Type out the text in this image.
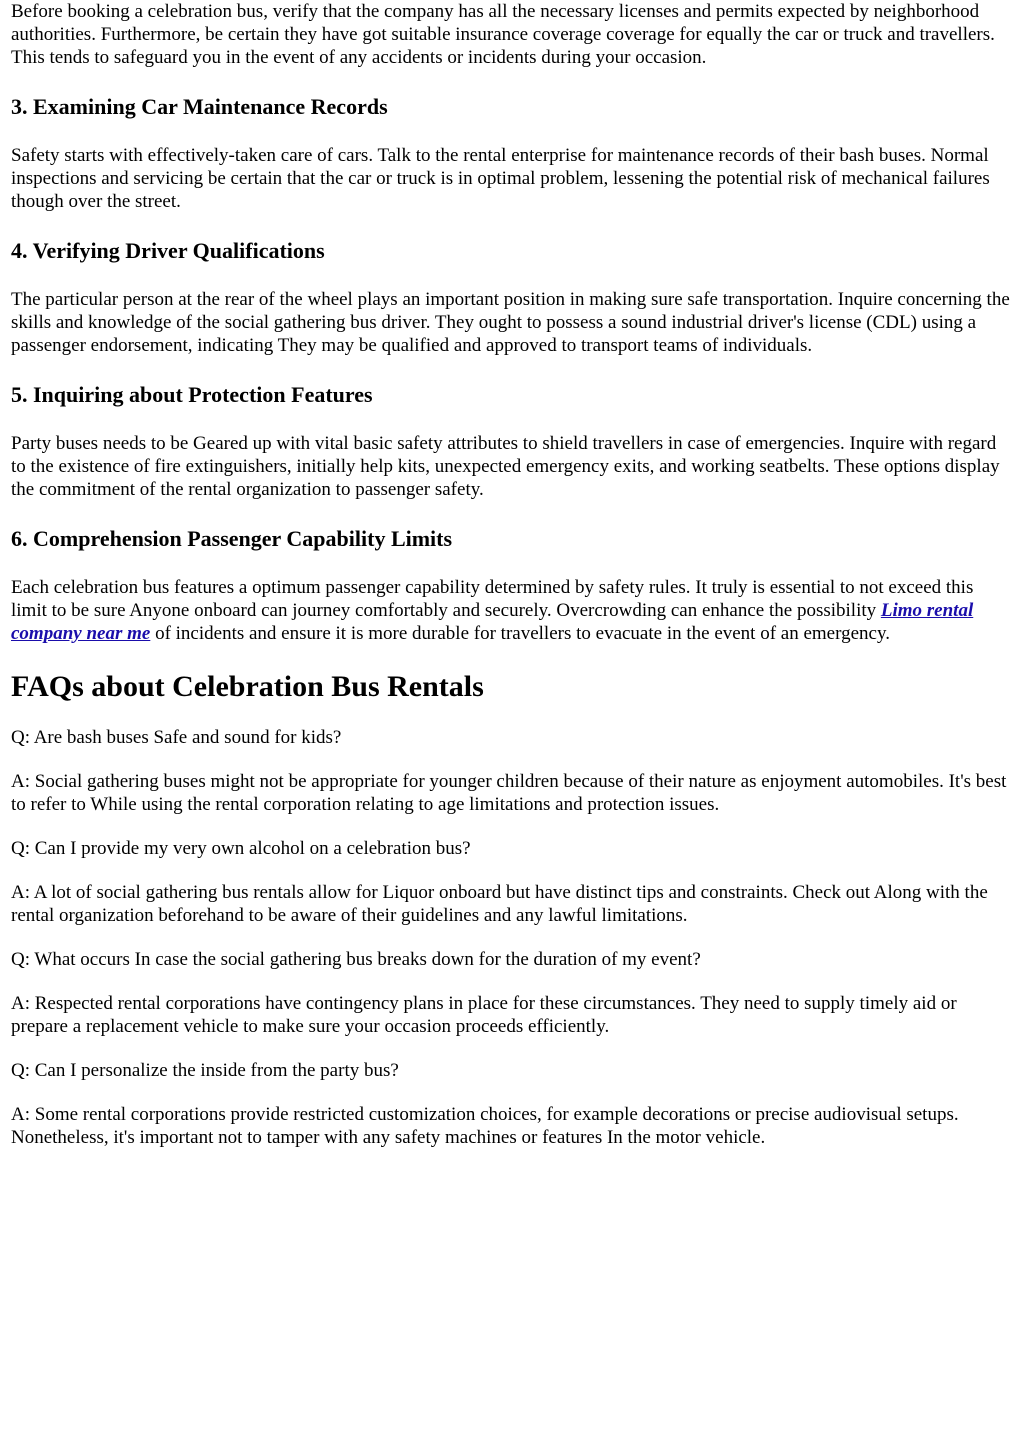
Before booking a celebration bus, verify that the company has all the necessary licenses and permits expected by neighborhood authorities. Furthermore, be certain they have got suitable insurance coverage coverage for equally the car or truck and travellers. This tends to safeguard you in the event of any accidents or incidents during your occasion.

3. Examining Car Maintenance Records

Safety starts with effectively-taken care of cars. Talk to the rental enterprise for maintenance records of their bash buses. Normal inspections and servicing be certain that the car or truck is in optimal problem, lessening the potential risk of mechanical failures though over the street.

4. Verifying Driver Qualifications

The particular person at the rear of the wheel plays an important position in making sure safe transportation. Inquire concerning the skills and knowledge of the social gathering bus driver. They ought to possess a sound industrial driver's license (CDL) using a passenger endorsement, indicating They may be qualified and approved to transport teams of individuals.

5. Inquiring about Protection Features

Party buses needs to be Geared up with vital basic safety attributes to shield travellers in case of emergencies. Inquire with regard to the existence of fire extinguishers, initially help kits, unexpected emergency exits, and working seatbelts. These options display the commitment of the rental organization to passenger safety.

6. Comprehension Passenger Capability Limits

Each celebration bus features a optimum passenger capability determined by safety rules. It truly is essential to not exceed this limit to be sure Anyone onboard can journey comfortably and securely. Overcrowding can enhance the possibility Limo rental company near me of incidents and ensure it is more durable for travellers to evacuate in the event of an emergency.

FAQs about Celebration Bus Rentals

Q: Are bash buses Safe and sound for kids?

A: Social gathering buses might not be appropriate for younger children because of their nature as enjoyment automobiles. It's best to refer to While using the rental corporation relating to age limitations and protection issues.

Q: Can I provide my very own alcohol on a celebration bus?

A: A lot of social gathering bus rentals allow for Liquor onboard but have distinct tips and constraints. Check out Along with the rental organization beforehand to be aware of their guidelines and any lawful limitations.

Q: What occurs In case the social gathering bus breaks down for the duration of my event?

A: Respected rental corporations have contingency plans in place for these circumstances. They need to supply timely aid or prepare a replacement vehicle to make sure your occasion proceeds efficiently.

Q: Can I personalize the inside from the party bus?

A: Some rental corporations provide restricted customization choices, for example decorations or precise audiovisual setups. Nonetheless, it's important not to tamper with any safety machines or features In the motor vehicle.
